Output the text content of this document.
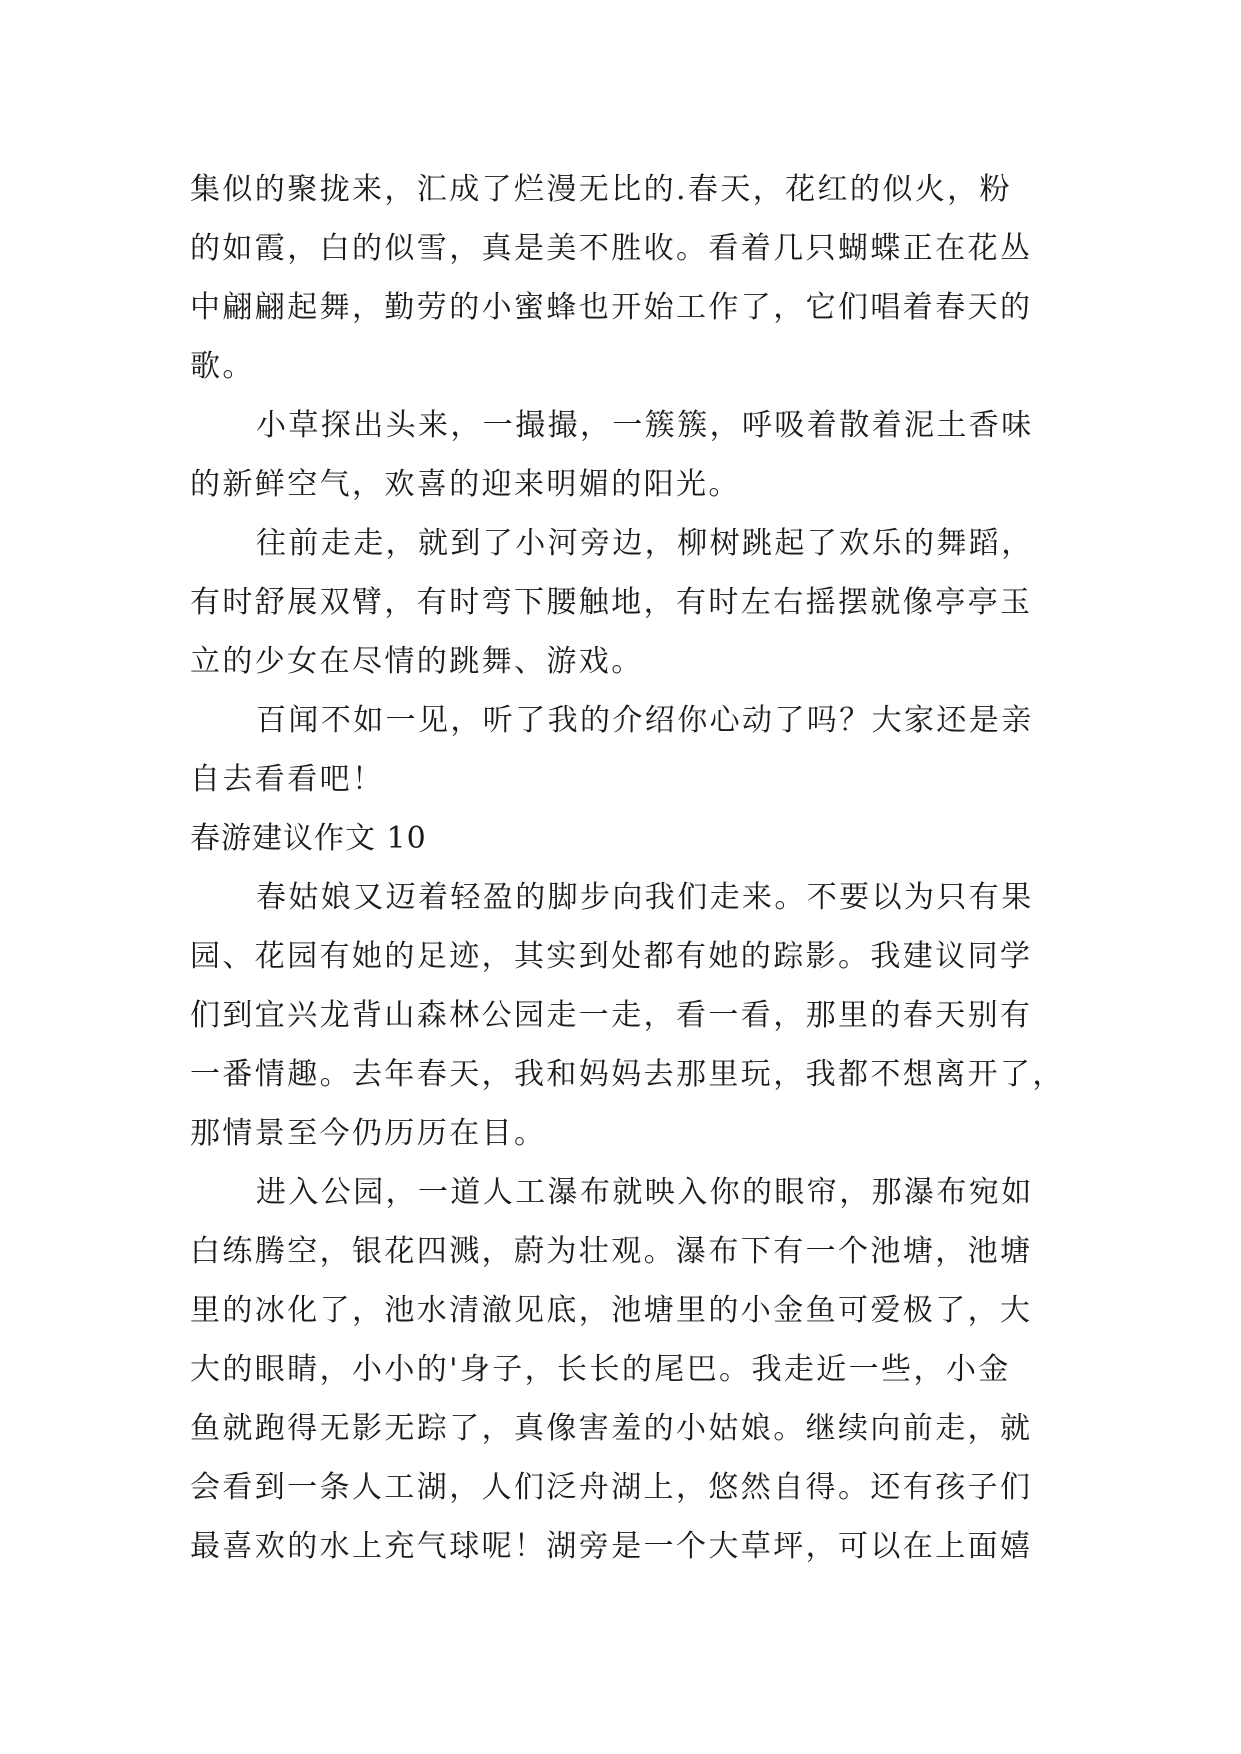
集似的聚拢来，汇成了烂漫无比的.春天，花红的似火，粉
的如霞，白的似雪，真是美不胜收。看着几只蝴蝶正在花丛
中翩翩起舞，勤劳的小蜜蜂也开始工作了，它们唱着春天的
歌。
小草探出头来，一撮撮，一簇簇，呼吸着散着泥土香味
的新鲜空气，欢喜的迎来明媚的阳光。
往前走走，就到了小河旁边，柳树跳起了欢乐的舞蹈，
有时舒展双臂，有时弯下腰触地，有时左右摇摆就像亭亭玉
立的少女在尽情的跳舞、游戏。
百闻不如一见，听了我的介绍你心动了吗？大家还是亲
自去看看吧！
春游建议作文 10
春姑娘又迈着轻盈的脚步向我们走来。不要以为只有果
园、花园有她的足迹，其实到处都有她的踪影。我建议同学
们到宜兴龙背山森林公园走一走，看一看，那里的春天别有
一番情趣。去年春天，我和妈妈去那里玩，我都不想离开了，
那情景至今仍历历在目。
进入公园，一道人工瀑布就映入你的眼帘，那瀑布宛如
白练腾空，银花四溅，蔚为壮观。瀑布下有一个池塘，池塘
里的冰化了，池水清澈见底，池塘里的小金鱼可爱极了，大
大的眼睛，小小的'身子，长长的尾巴。我走近一些，小金
鱼就跑得无影无踪了，真像害羞的小姑娘。继续向前走，就
会看到一条人工湖，人们泛舟湖上，悠然自得。还有孩子们
最喜欢的水上充气球呢！湖旁是一个大草坪，可以在上面嬉
